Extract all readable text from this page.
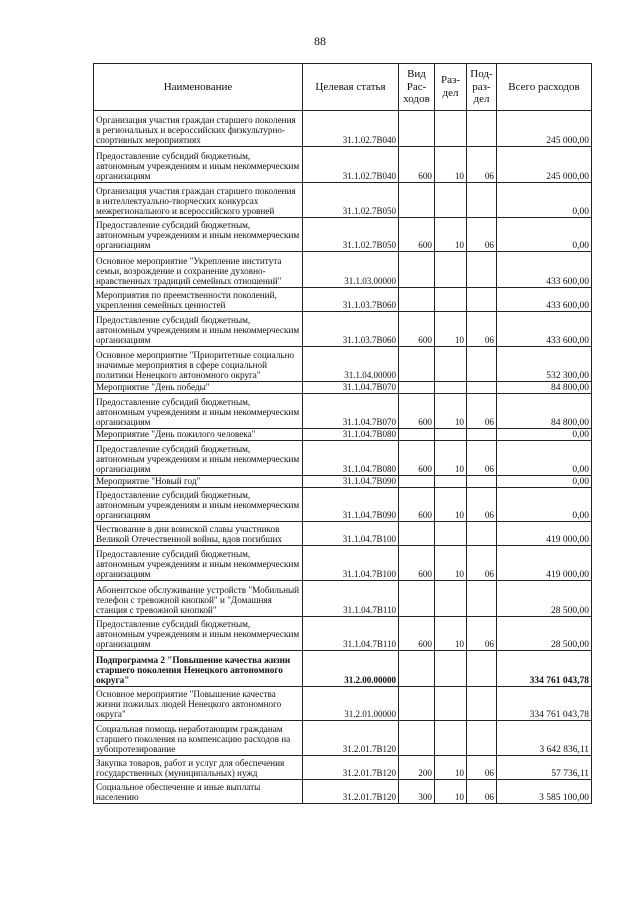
88
Наименование	Целевая статья	Вид Рас-ходов	Раз-дел	Под-раз-дел	Всего расходов
Организация участия граждан старшего поколения в региональных и всероссийских физкультурно-спортивных мероприятиях	31.1.02.7В040				245 000,00
Предоставление субсидий бюджетным, автономным учреждениям и иным некоммерческим организациям	31.1.02.7В040	600	10	06	245 000,00
Организация участия граждан старшего поколения в интеллектуально-творческих конкурсах межрегионального и всероссийского уровней	31.1.02.7В050				0,00
Предоставление субсидий бюджетным, автономным учреждениям и иным некоммерческим организациям	31.1.02.7В050	600	10	06	0,00
Основное мероприятие "Укрепление института семьи, возрождение и сохранение духовно-нравственных традиций семейных отношений"	31.1.03.00000				433 600,00
Мероприятия по преемственности поколений, укрепления семейных ценностей	31.1.03.7В060				433 600,00
Предоставление субсидий бюджетным, автономным учреждениям и иным некоммерческим организациям	31.1.03.7В060	600	10	06	433 600,00
Основное мероприятие "Приоритетные социально значимые мероприятия в сфере социальной политики Ненецкого автономного округа"	31.1.04.00000				532 300,00
Мероприятие "День победы"	31.1.04.7В070				84 800,00
Предоставление субсидий бюджетным, автономным учреждениям и иным некоммерческим организациям	31.1.04.7В070	600	10	06	84 800,00
Мероприятие "День пожилого человека"	31.1.04.7В080				0,00
Предоставление субсидий бюджетным, автономным учреждениям и иным некоммерческим организациям	31.1.04.7В080	600	10	06	0,00
Мероприятие "Новый год"	31.1.04.7В090				0,00
Предоставление субсидий бюджетным, автономным учреждениям и иным некоммерческим организациям	31.1.04.7В090	600	10	06	0,00
Чествование в дни воинской славы участников Великой Отечественной войны, вдов погибших	31.1.04.7В100				419 000,00
Предоставление субсидий бюджетным, автономным учреждениям и иным некоммерческим организациям	31.1.04.7В100	600	10	06	419 000,00
Абонентское обслуживание устройств "Мобильный телефон с тревожной кнопкой" и "Домашняя станция с тревожной кнопкой"	31.1.04.7В110				28 500,00
Предоставление субсидий бюджетным, автономным учреждениям и иным некоммерческим организациям	31.1.04.7В110	600	10	06	28 500,00
Подпрограмма 2 "Повышение качества жизни старшего поколения Ненецкого автономного округа"	31.2.00.00000				334 761 043,78
Основное мероприятие "Повышение качества жизни пожилых людей Ненецкого автономного округа"	31.2.01.00000				334 761 043,78
Социальная помощь неработающим гражданам старшего поколения на компенсацию расходов на зубопротезирование	31.2.01.7В120				3 642 836,11
Закупка товаров, работ и услуг для обеспечения государственных (муниципальных) нужд	31.2.01.7В120	200	10	06	57 736,11
Социальное обеспечение и иные выплаты населению	31.2.01.7В120	300	10	06	3 585 100,00
